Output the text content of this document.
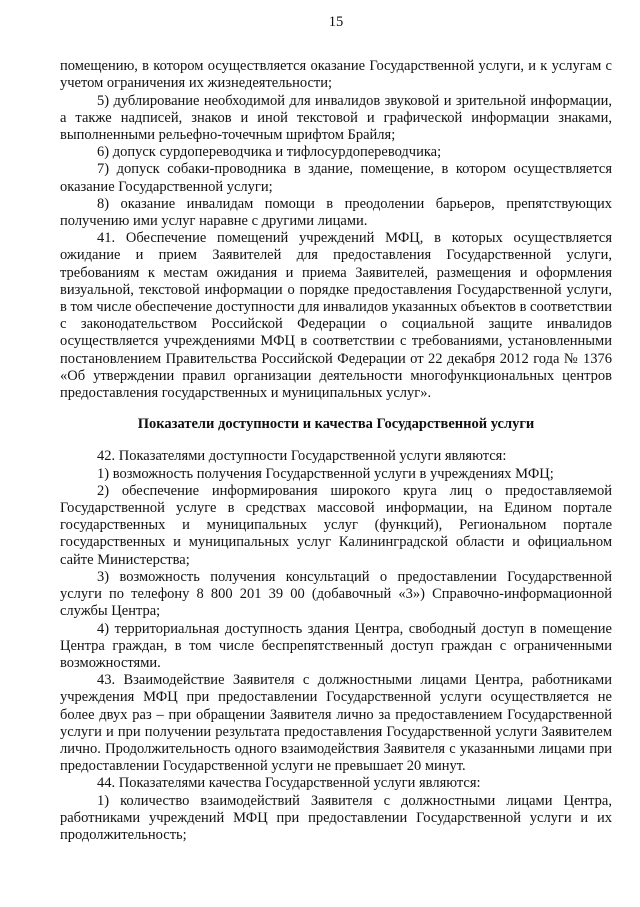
15

помещению, в котором осуществляется оказание Государственной услуги, и к услугам с учетом ограничения их жизнедеятельности;

5) дублирование необходимой для инвалидов звуковой и зрительной информации, а также надписей, знаков и иной текстовой и графической информации знаками, выполненными рельефно-точечным шрифтом Брайля;

6) допуск сурдопереводчика и тифлосурдопереводчика;

7) допуск собаки-проводника в здание, помещение, в котором осуществляется оказание Государственной услуги;

8) оказание инвалидам помощи в преодолении барьеров, препятствующих получению ими услуг наравне с другими лицами.

41. Обеспечение помещений учреждений МФЦ, в которых осуществляется ожидание и прием Заявителей для предоставления Государственной услуги, требованиям к местам ожидания и приема Заявителей, размещения и оформления визуальной, текстовой информации о порядке предоставления Государственной услуги, в том числе обеспечение доступности для инвалидов указанных объектов в соответствии с законодательством Российской Федерации о социальной защите инвалидов осуществляется учреждениями МФЦ в соответствии с требованиями, установленными постановлением Правительства Российской Федерации от 22 декабря 2012 года № 1376 «Об утверждении правил организации деятельности многофункциональных центров предоставления государственных и муниципальных услуг».

Показатели доступности и качества Государственной услуги

42. Показателями доступности Государственной услуги являются:

1) возможность получения Государственной услуги в учреждениях МФЦ;

2) обеспечение информирования широкого круга лиц о предоставляемой Государственной услуге в средствах массовой информации, на Едином портале государственных и муниципальных услуг (функций), Региональном портале государственных и муниципальных услуг Калининградской области и официальном сайте Министерства;

3) возможность получения консультаций о предоставлении Государственной услуги по телефону 8 800 201 39 00 (добавочный «3») Справочно-информационной службы Центра;

4) территориальная доступность здания Центра, свободный доступ в помещение Центра граждан, в том числе беспрепятственный доступ граждан с ограниченными возможностями.

43. Взаимодействие Заявителя с должностными лицами Центра, работниками учреждения МФЦ при предоставлении Государственной услуги осуществляется не более двух раз – при обращении Заявителя лично за предоставлением Государственной услуги и при получении результата предоставления Государственной услуги Заявителем лично. Продолжительность одного взаимодействия Заявителя с указанными лицами при предоставлении Государственной услуги не превышает 20 минут.

44. Показателями качества Государственной услуги являются:

1) количество взаимодействий Заявителя с должностными лицами Центра, работниками учреждений МФЦ при предоставлении Государственной услуги и их продолжительность;
